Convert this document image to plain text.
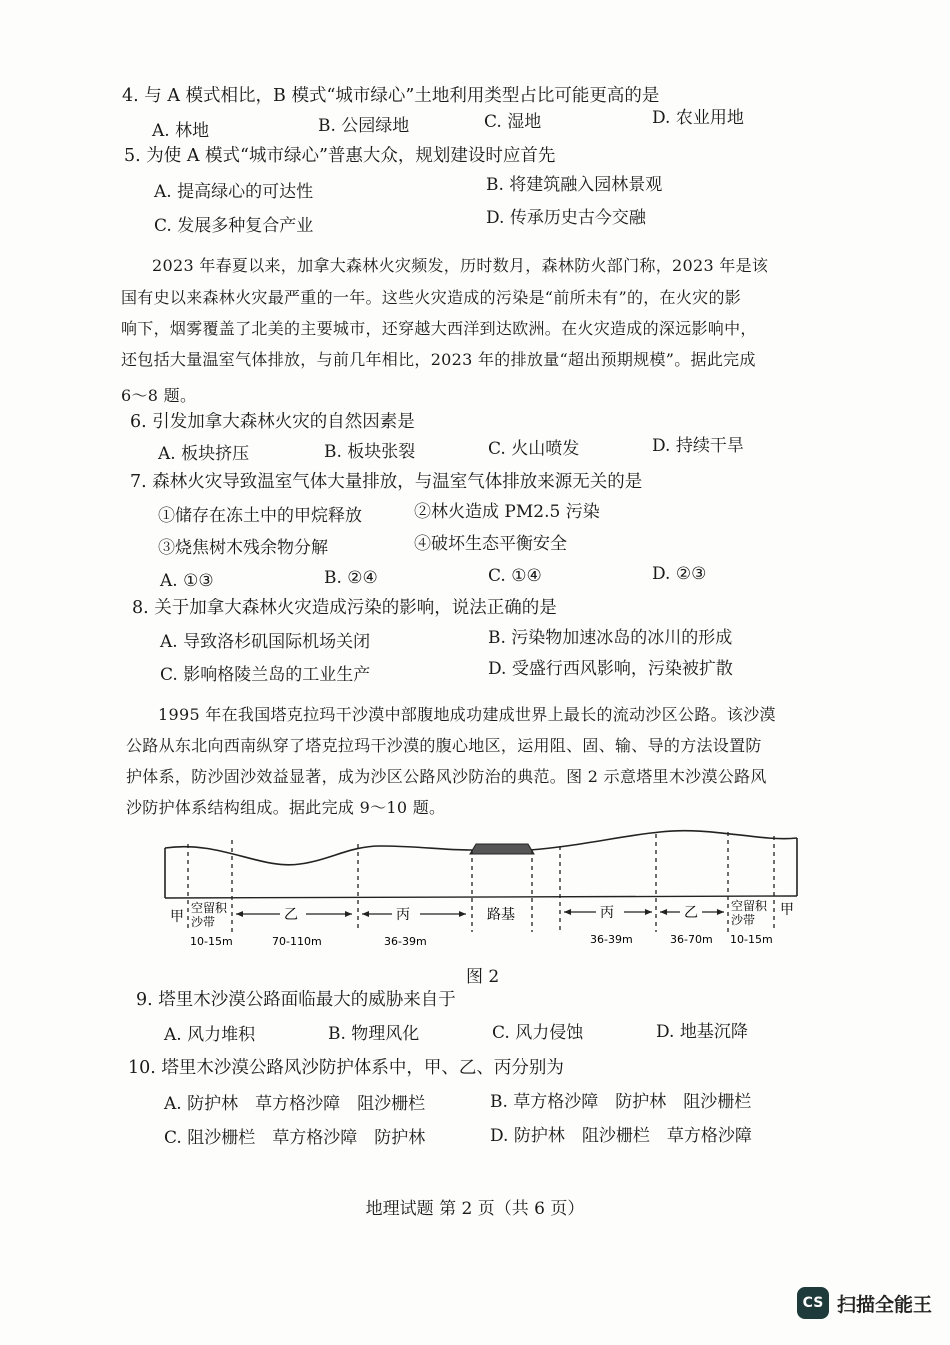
4. 与 A 模式相比，B 模式“城市绿心”土地利用类型占比可能更高的是
A. 林地	B. 公园绿地	C. 湿地	D. 农业用地
5. 为使 A 模式“城市绿心”普惠大众，规划建设时应首先
A. 提高绿心的可达性	B. 将建筑融入园林景观
C. 发展多种复合产业	D. 传承历史古今交融
2023 年春夏以来，加拿大森林火灾频发，历时数月，森林防火部门称，2023 年是该
国有史以来森林火灾最严重的一年。这些火灾造成的污染是“前所未有”的，在火灾的影
响下，烟雾覆盖了北美的主要城市，还穿越大西洋到达欧洲。在火灾造成的深远影响中，
还包括大量温室气体排放，与前几年相比，2023 年的排放量“超出预期规模”。据此完成
6～8 题。
6. 引发加拿大森林火灾的自然因素是
A. 板块挤压	B. 板块张裂	C. 火山喷发	D. 持续干旱
7. 森林火灾导致温室气体大量排放，与温室气体排放来源无关的是
①储存在冻土中的甲烷释放	②林火造成 PM2.5 污染
③烧焦树木残余物分解	④破坏生态平衡安全
A. ①③	B. ②④	C. ①④	D. ②③
8. 关于加拿大森林火灾造成污染的影响，说法正确的是
A. 导致洛杉矶国际机场关闭	B. 污染物加速冰岛的冰川的形成
C. 影响格陵兰岛的工业生产	D. 受盛行西风影响，污染被扩散
1995 年在我国塔克拉玛干沙漠中部腹地成功建成世界上最长的流动沙区公路。该沙漠
公路从东北向西南纵穿了塔克拉玛干沙漠的腹心地区，运用阻、固、输、导的方法设置防
护体系，防沙固沙效益显著，成为沙区公路风沙防治的典范。图 2 示意塔里木沙漠公路风
沙防护体系结构组成。据此完成 9～10 题。
甲
空留积
沙带	乙	丙	路基	丙	乙	空留积
沙带
甲
10-15m	70-110m	36-39m	36-39m	36-70m 10-15m
图 2
9. 塔里木沙漠公路面临最大的威胁来自于
A. 风力堆积	B. 物理风化	C. 风力侵蚀	D. 地基沉降
10. 塔里木沙漠公路风沙防护体系中，甲、乙、丙分别为
A. 防护林　草方格沙障　阻沙栅栏	B. 草方格沙障　防护林　阻沙栅栏
C. 阻沙栅栏　草方格沙障　防护林	D. 防护林　阻沙栅栏　草方格沙障
地理试题 第 2 页（共 6 页）
CS 扫描全能王
